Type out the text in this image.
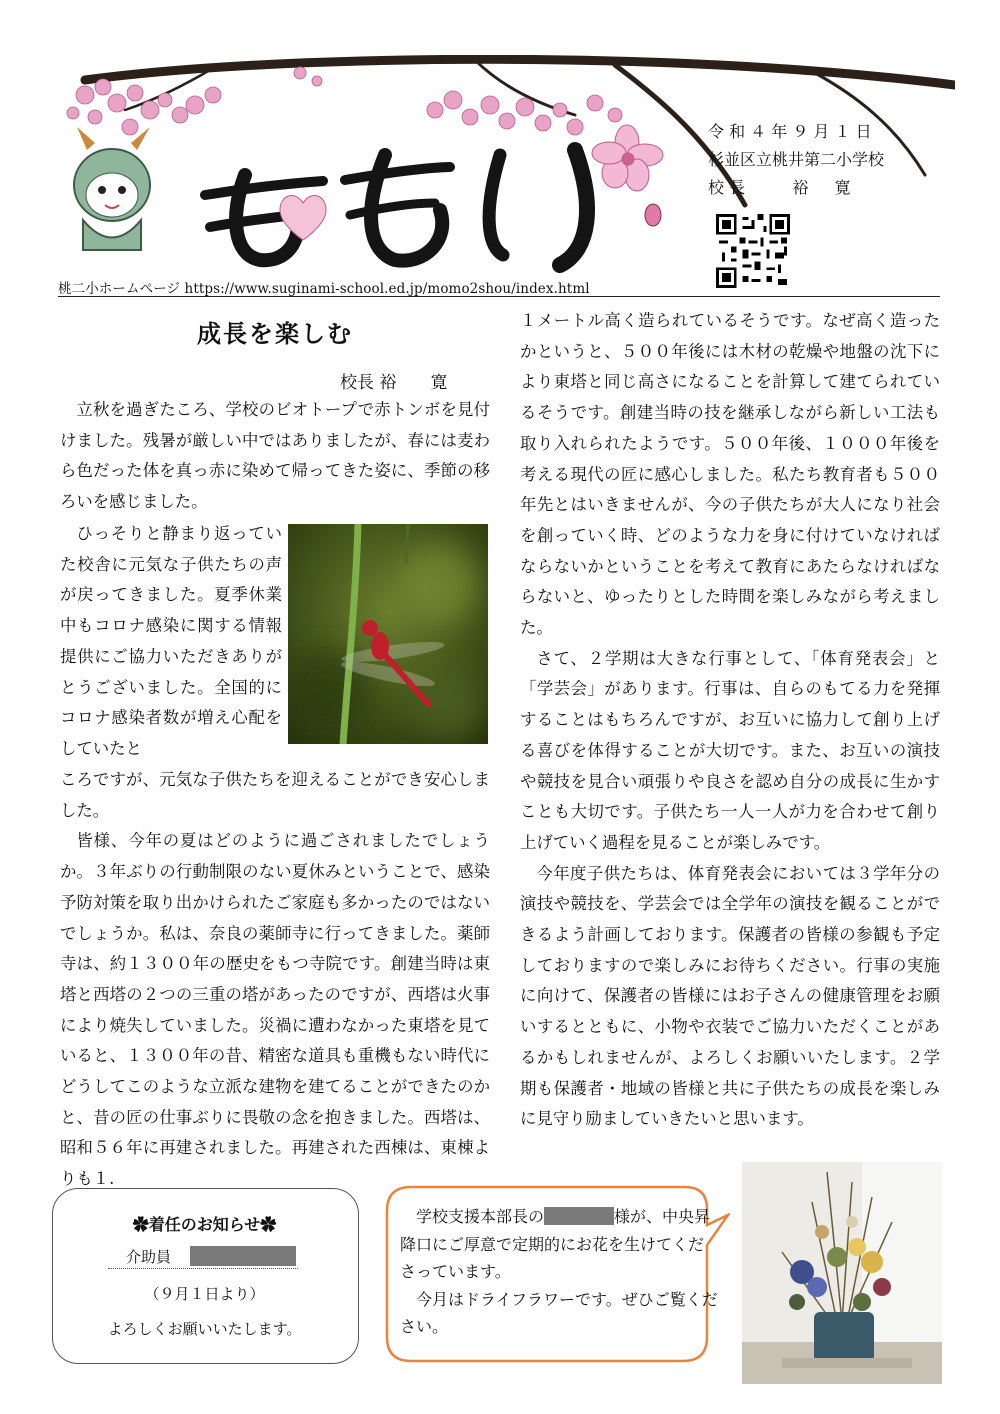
令 和 ４ 年 ９ 月 １ 日
杉並区立桃井第二小学校
校 長 　 　 裕 　 寛
桃二小ホームページ https://www.suginami-school.ed.jp/momo2shou/index.html
成長を楽しむ
校長 裕　　寛

立秋を過ぎたころ、学校のビオトープで赤トンボを見付けました。残暑が厳しい中ではありましたが、春には麦わら色だった体を真っ赤に染めて帰ってきた姿に、季節の移ろいを感じました。

ひっそりと静まり返っていた校舎に元気な子供たちの声が戻ってきました。夏季休業中もコロナ感染に関する情報提供にご協力いただきありがとうございました。全国的にコロナ感染者数が増え心配をしていたと

ころですが、元気な子供たちを迎えることができ安心しました。

皆様、今年の夏はどのように過ごされましたでしょうか。３年ぶりの行動制限のない夏休みということで、感染予防対策を取り出かけられたご家庭も多かったのではないでしょうか。私は、奈良の薬師寺に行ってきました。薬師寺は、約１３００年の歴史をもつ寺院です。創建当時は東塔と西塔の２つの三重の塔があったのですが、西塔は火事により焼失していました。災禍に遭わなかった東塔を見ていると、１３００年の昔、精密な道具も重機もない時代にどうしてこのような立派な建物を建てることができたのかと、昔の匠の仕事ぶりに畏敬の念を抱きました。西塔は、昭和５６年に再建されました。再建された西棟は、東棟よりも１.

１メートル高く造られているそうです。なぜ高く造ったかというと、５００年後には木材の乾燥や地盤の沈下により東塔と同じ高さになることを計算して建てられているそうです。創建当時の技を継承しながら新しい工法も取り入れられたようです。５００年後、１０００年後を考える現代の匠に感心しました。私たち教育者も５００年先とはいきませんが、今の子供たちが大人になり社会を創っていく時、どのような力を身に付けていなければならないかということを考えて教育にあたらなければならないと、ゆったりとした時間を楽しみながら考えました。

さて、２学期は大きな行事として、「体育発表会」と「学芸会」があります。行事は、自らのもてる力を発揮することはもちろんですが、お互いに協力して創り上げる喜びを体得することが大切です。また、お互いの演技や競技を見合い頑張りや良さを認め自分の成長に生かすことも大切です。子供たち一人一人が力を合わせて創り上げていく過程を見ることが楽しみです。

今年度子供たちは、体育発表会においては３学年分の演技や競技を、学芸会では全学年の演技を観ることができるよう計画しております。保護者の皆様の参観も予定しておりますので楽しみにお待ちください。行事の実施に向けて、保護者の皆様にはお子さんの健康管理をお願いするとともに、小物や衣装でご協力いただくことがあるかもしれませんが、よろしくお願いいたします。２学期も保護者・地域の皆様と共に子供たちの成長を楽しみに見守り励ましていきたいと思います。

✿着任のお知らせ✿
介助員
（９月１日より）
よろしくお願いいたします。

学校支援本部長の	様が、中央昇降口にご厚意で定期的にお花を生けてくださっています。

今月はドライフラワーです。ぜひご覧ください。
